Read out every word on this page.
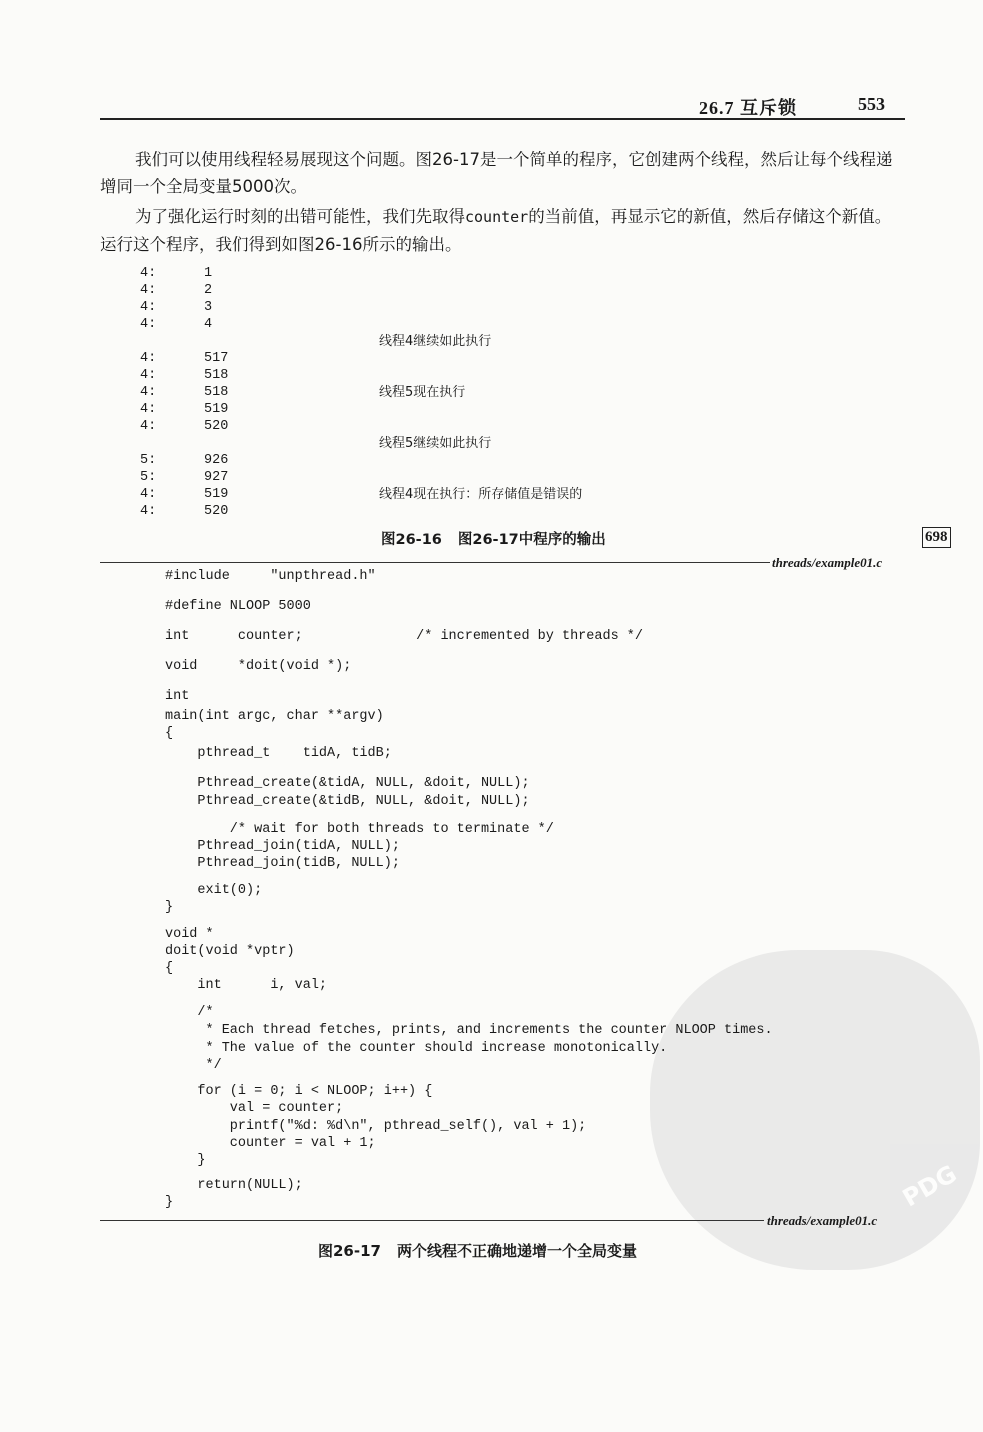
PDG
26.7 互斥锁	553
我们可以使用线程轻易展现这个问题。图26-17是一个简单的程序，它创建两个线程，然后让每个线程递增同一个全局变量5000次。
为了强化运行时刻的出错可能性，我们先取得counter的当前值，再显示它的新值，然后存储这个新值。运行这个程序，我们得到如图26-16所示的输出。
4:	1
4:	2
4:	3
4:	4
线程4继续如此执行
4:	517
4:	518
4:	518	线程5现在执行
4:	519
4:	520
线程5继续如此执行
5:	926
5:	927
4:	519	线程4现在执行：所存储值是错误的
4:	520
图26-16 图26-17中程序的输出	698
threads/example01.c
#include     "unpthread.h"
#define NLOOP 5000
int      counter;              /* incremented by threads */
void     *doit(void *);
int
main(int argc, char **argv)
{
pthread_t    tidA, tidB;
Pthread_create(&tidA, NULL, &doit, NULL);
Pthread_create(&tidB, NULL, &doit, NULL);
/* wait for both threads to terminate */
Pthread_join(tidA, NULL);
Pthread_join(tidB, NULL);
exit(0);
}
void *
doit(void *vptr)
{
int      i, val;
/*
* Each thread fetches, prints, and increments the counter NLOOP times.
* The value of the counter should increase monotonically.
*/
for (i = 0; i < NLOOP; i++) {
val = counter;
printf("%d: %d\n", pthread_self(), val + 1);
counter = val + 1;
}
return(NULL);
}
threads/example01.c
图26-17 两个线程不正确地递增一个全局变量
